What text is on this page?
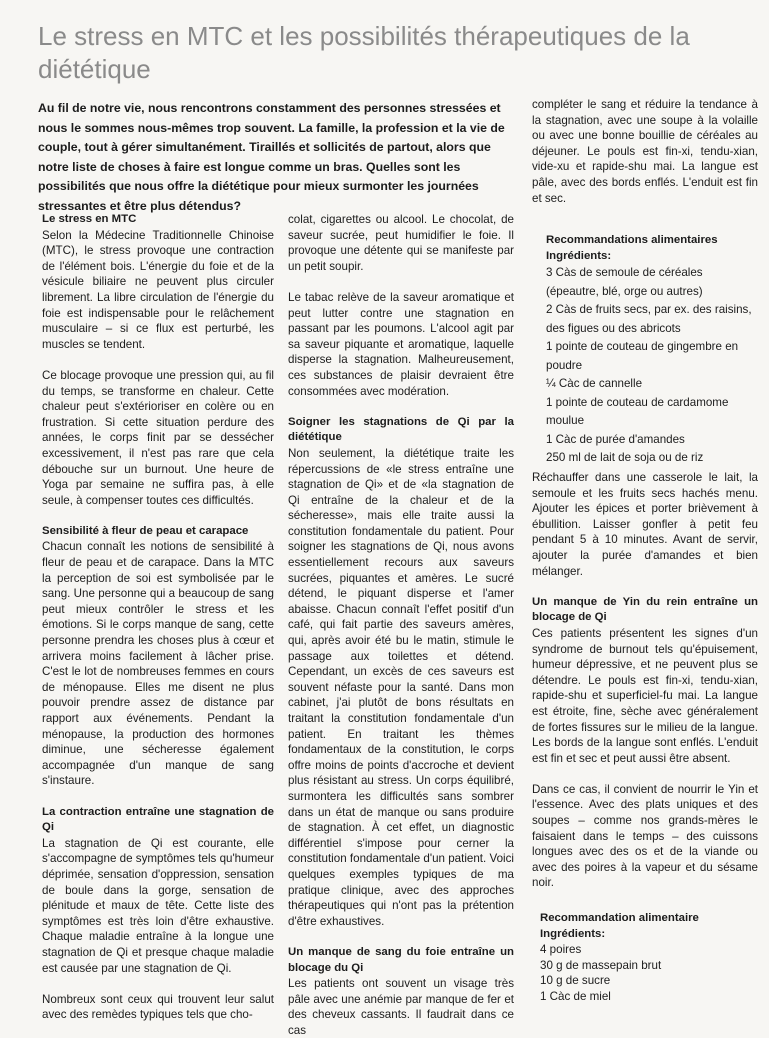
Le stress en MTC et les possibilités thérapeutiques de la diététique

Au fil de notre vie, nous rencontrons constamment des personnes stressées et nous le sommes nous-mêmes trop souvent. La famille, la profession et la vie de couple, tout à gérer simultanément. Tiraillés et sollicités de partout, alors que notre liste de choses à faire est longue comme un bras. Quelles sont les possibilités que nous offre la diététique pour mieux surmonter les journées stressantes et être plus détendus?

Le stress en MTC

Selon la Médecine Traditionnelle Chinoise (MTC), le stress provoque une contraction de l'élément bois. L'énergie du foie et de la vésicule biliaire ne peuvent plus circuler librement. La libre circulation de l'énergie du foie est indispensable pour le relâchement musculaire – si ce flux est perturbé, les muscles se tendent.

Ce blocage provoque une pression qui, au fil du temps, se transforme en chaleur. Cette chaleur peut s'extérioriser en colère ou en frustration. Si cette situation perdure des années, le corps finit par se dessécher excessivement, il n'est pas rare que cela débouche sur un burnout. Une heure de Yoga par semaine ne suffira pas, à elle seule, à compenser toutes ces difficultés.

Sensibilité à fleur de peau et carapace

Chacun connaît les notions de sensibilité à fleur de peau et de carapace. Dans la MTC la perception de soi est symbolisée par le sang. Une personne qui a beaucoup de sang peut mieux contrôler le stress et les émotions. Si le corps manque de sang, cette personne prendra les choses plus à cœur et arrivera moins facilement à lâcher prise. C'est le lot de nombreuses femmes en cours de ménopause. Elles me disent ne plus pouvoir prendre assez de distance par rapport aux événements. Pendant la ménopause, la production des hormones diminue, une sécheresse également accompagnée d'un manque de sang s'instaure.

La contraction entraîne une stagnation de Qi

La stagnation de Qi est courante, elle s'accompagne de symptômes tels qu'humeur déprimée, sensation d'oppression, sensation de boule dans la gorge, sensation de plénitude et maux de tête. Cette liste des symptômes est très loin d'être exhaustive. Chaque maladie entraîne à la longue une stagnation de Qi et presque chaque maladie est causée par une stagnation de Qi.

Nombreux sont ceux qui trouvent leur salut avec des remèdes typiques tels que cho-

colat, cigarettes ou alcool. Le chocolat, de saveur sucrée, peut humidifier le foie. Il provoque une détente qui se manifeste par un petit soupir.

Le tabac relève de la saveur aromatique et peut lutter contre une stagnation en passant par les poumons. L'alcool agit par sa saveur piquante et aromatique, laquelle disperse la stagnation. Malheureusement, ces substances de plaisir devraient être consommées avec modération.

Soigner les stagnations de Qi par la diététique

Non seulement, la diététique traite les répercussions de «le stress entraîne une stagnation de Qi» et de «la stagnation de Qi entraîne de la chaleur et de la sécheresse», mais elle traite aussi la constitution fondamentale du patient. Pour soigner les stagnations de Qi, nous avons essentiellement recours aux saveurs sucrées, piquantes et amères. Le sucré détend, le piquant disperse et l'amer abaisse. Chacun connaît l'effet positif d'un café, qui fait partie des saveurs amères, qui, après avoir été bu le matin, stimule le passage aux toilettes et détend. Cependant, un excès de ces saveurs est souvent néfaste pour la santé. Dans mon cabinet, j'ai plutôt de bons résultats en traitant la constitution fondamentale d'un patient. En traitant les thèmes fondamentaux de la constitution, le corps offre moins de points d'accroche et devient plus résistant au stress. Un corps équilibré, surmontera les difficultés sans sombrer dans un état de manque ou sans produire de stagnation. À cet effet, un diagnostic différentiel s'impose pour cerner la constitution fondamentale d'un patient. Voici quelques exemples typiques de ma pratique clinique, avec des approches thérapeutiques qui n'ont pas la prétention d'être exhaustives.

Un manque de sang du foie entraîne un blocage du Qi

Les patients ont souvent un visage très pâle avec une anémie par manque de fer et des cheveux cassants. Il faudrait dans ce cas

compléter le sang et réduire la tendance à la stagnation, avec une soupe à la volaille ou avec une bonne bouillie de céréales au déjeuner. Le pouls est fin-xi, tendu-xian, vide-xu et rapide-shu mai. La langue est pâle, avec des bords enflés. L'enduit est fin et sec.

Recommandations alimentaires
Ingrédients:
3 Càs de semoule de céréales (épeautre, blé, orge ou autres)
2 Càs de fruits secs, par ex. des raisins, des figues ou des abricots
1 pointe de couteau de gingembre en poudre
¼ Càc de cannelle
1 pointe de couteau de cardamome moulue
1 Càc de purée d'amandes
250 ml de lait de soja ou de riz

Réchauffer dans une casserole le lait, la semoule et les fruits secs hachés menu. Ajouter les épices et porter brièvement à ébullition. Laisser gonfler à petit feu pendant 5 à 10 minutes. Avant de servir, ajouter la purée d'amandes et bien mélanger.

Un manque de Yin du rein entraîne un blocage de Qi

Ces patients présentent les signes d'un syndrome de burnout tels qu'épuisement, humeur dépressive, et ne peuvent plus se détendre. Le pouls est fin-xi, tendu-xian, rapide-shu et superficiel-fu mai. La langue est étroite, fine, sèche avec généralement de fortes fissures sur le milieu de la langue. Les bords de la langue sont enflés. L'enduit est fin et sec et peut aussi être absent.

Dans ce cas, il convient de nourrir le Yin et l'essence. Avec des plats uniques et des soupes – comme nos grands-mères le faisaient dans le temps – des cuissons longues avec des os et de la viande ou avec des poires à la vapeur et du sésame noir.

Recommandation alimentaire
Ingrédients:
4 poires
30 g de massepain brut
10 g de sucre
1 Càc de miel
